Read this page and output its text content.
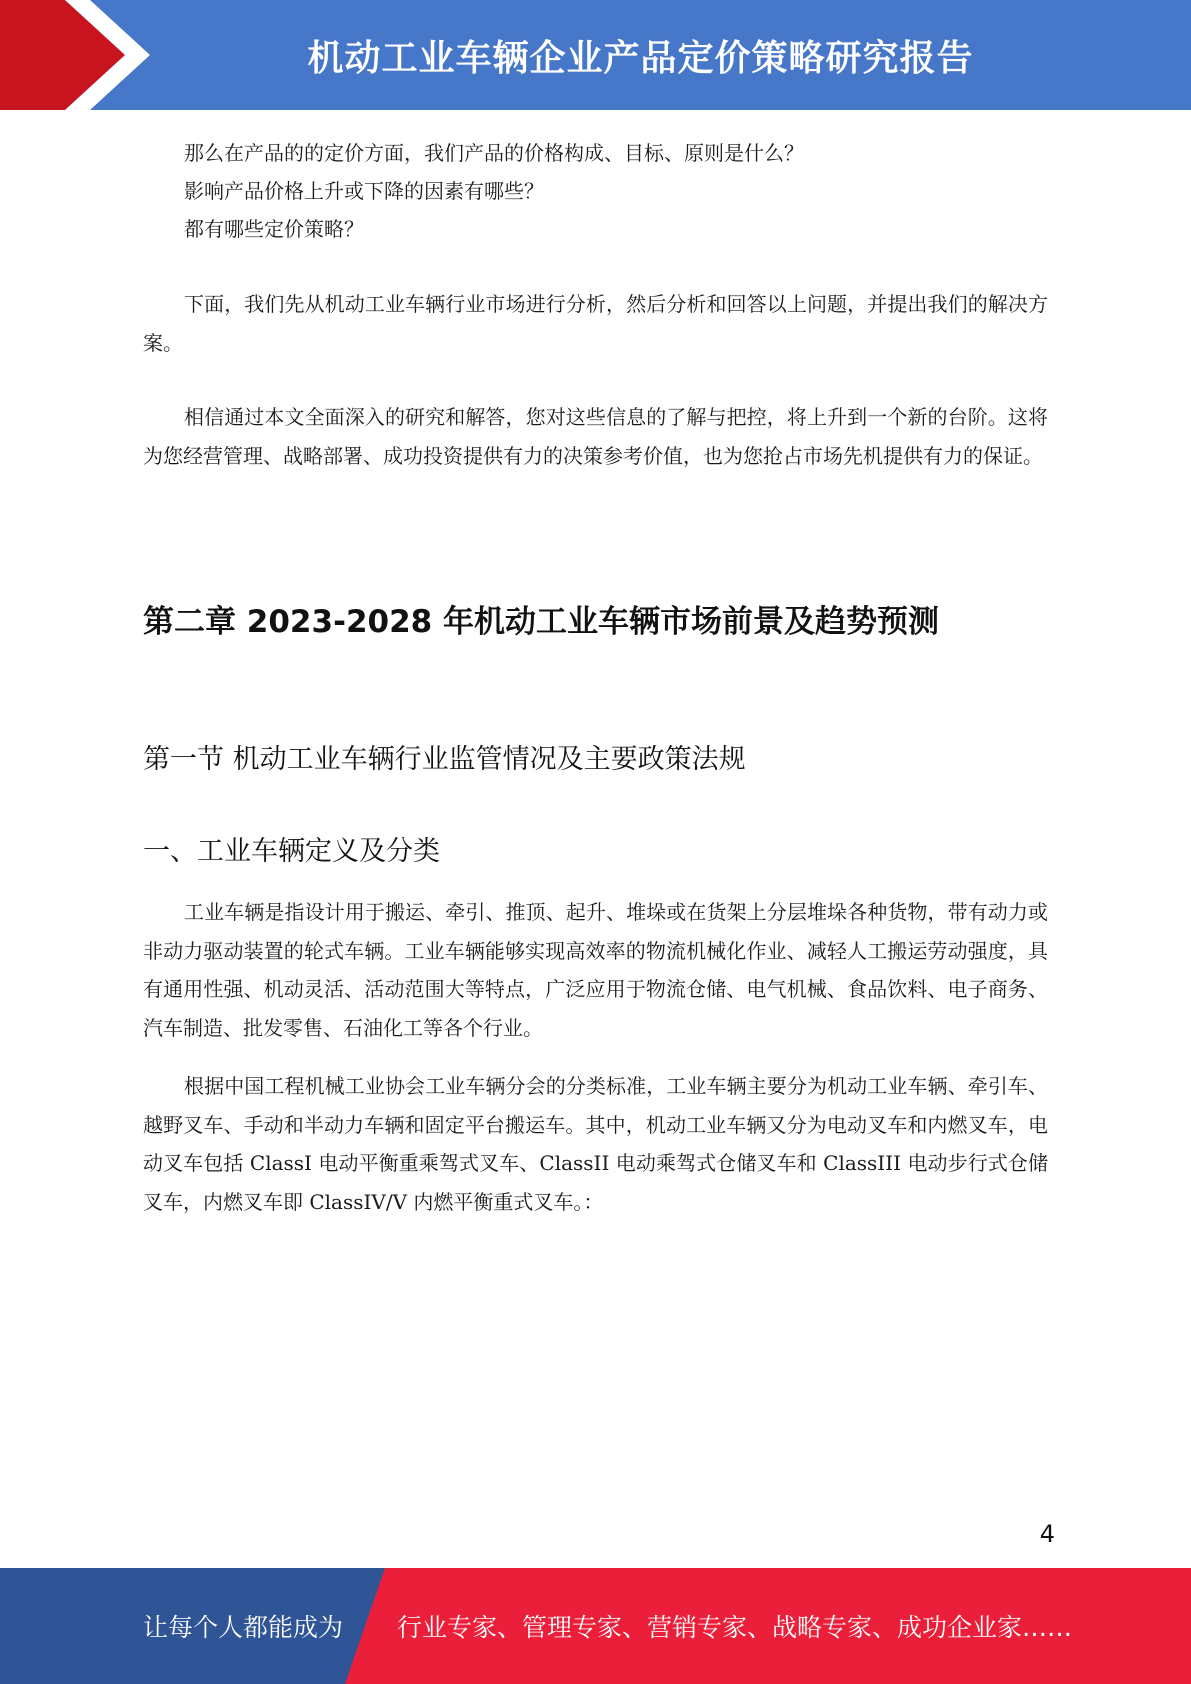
机动工业车辆企业产品定价策略研究报告

那么在产品的的定价方面，我们产品的价格构成、目标、原则是什么？

影响产品价格上升或下降的因素有哪些？

都有哪些定价策略？

下面，我们先从机动工业车辆行业市场进行分析，然后分析和回答以上问题，并提出我们的解决方案。

相信通过本文全面深入的研究和解答，您对这些信息的了解与把控，将上升到一个新的台阶。这将为您经营管理、战略部署、成功投资提供有力的决策参考价值，也为您抢占市场先机提供有力的保证。

第二章 2023-2028 年机动工业车辆市场前景及趋势预测
第一节 机动工业车辆行业监管情况及主要政策法规
一、工业车辆定义及分类

工业车辆是指设计用于搬运、牵引、推顶、起升、堆垛或在货架上分层堆垛各种货物，带有动力或非动力驱动装置的轮式车辆。工业车辆能够实现高效率的物流机械化作业、减轻人工搬运劳动强度，具有通用性强、机动灵活、活动范围大等特点，广泛应用于物流仓储、电气机械、食品饮料、电子商务、汽车制造、批发零售、石油化工等各个行业。

根据中国工程机械工业协会工业车辆分会的分类标准，工业车辆主要分为机动工业车辆、牵引车、越野叉车、手动和半动力车辆和固定平台搬运车。其中，机动工业车辆又分为电动叉车和内燃叉车，电动叉车包括 ClassI 电动平衡重乘驾式叉车、ClassII 电动乘驾式仓储叉车和 ClassIII 电动步行式仓储叉车，内燃叉车即 ClassIV/V 内燃平衡重式叉车。：

4
让每个人都能成为 行业专家、管理专家、营销专家、战略专家、成功企业家……
